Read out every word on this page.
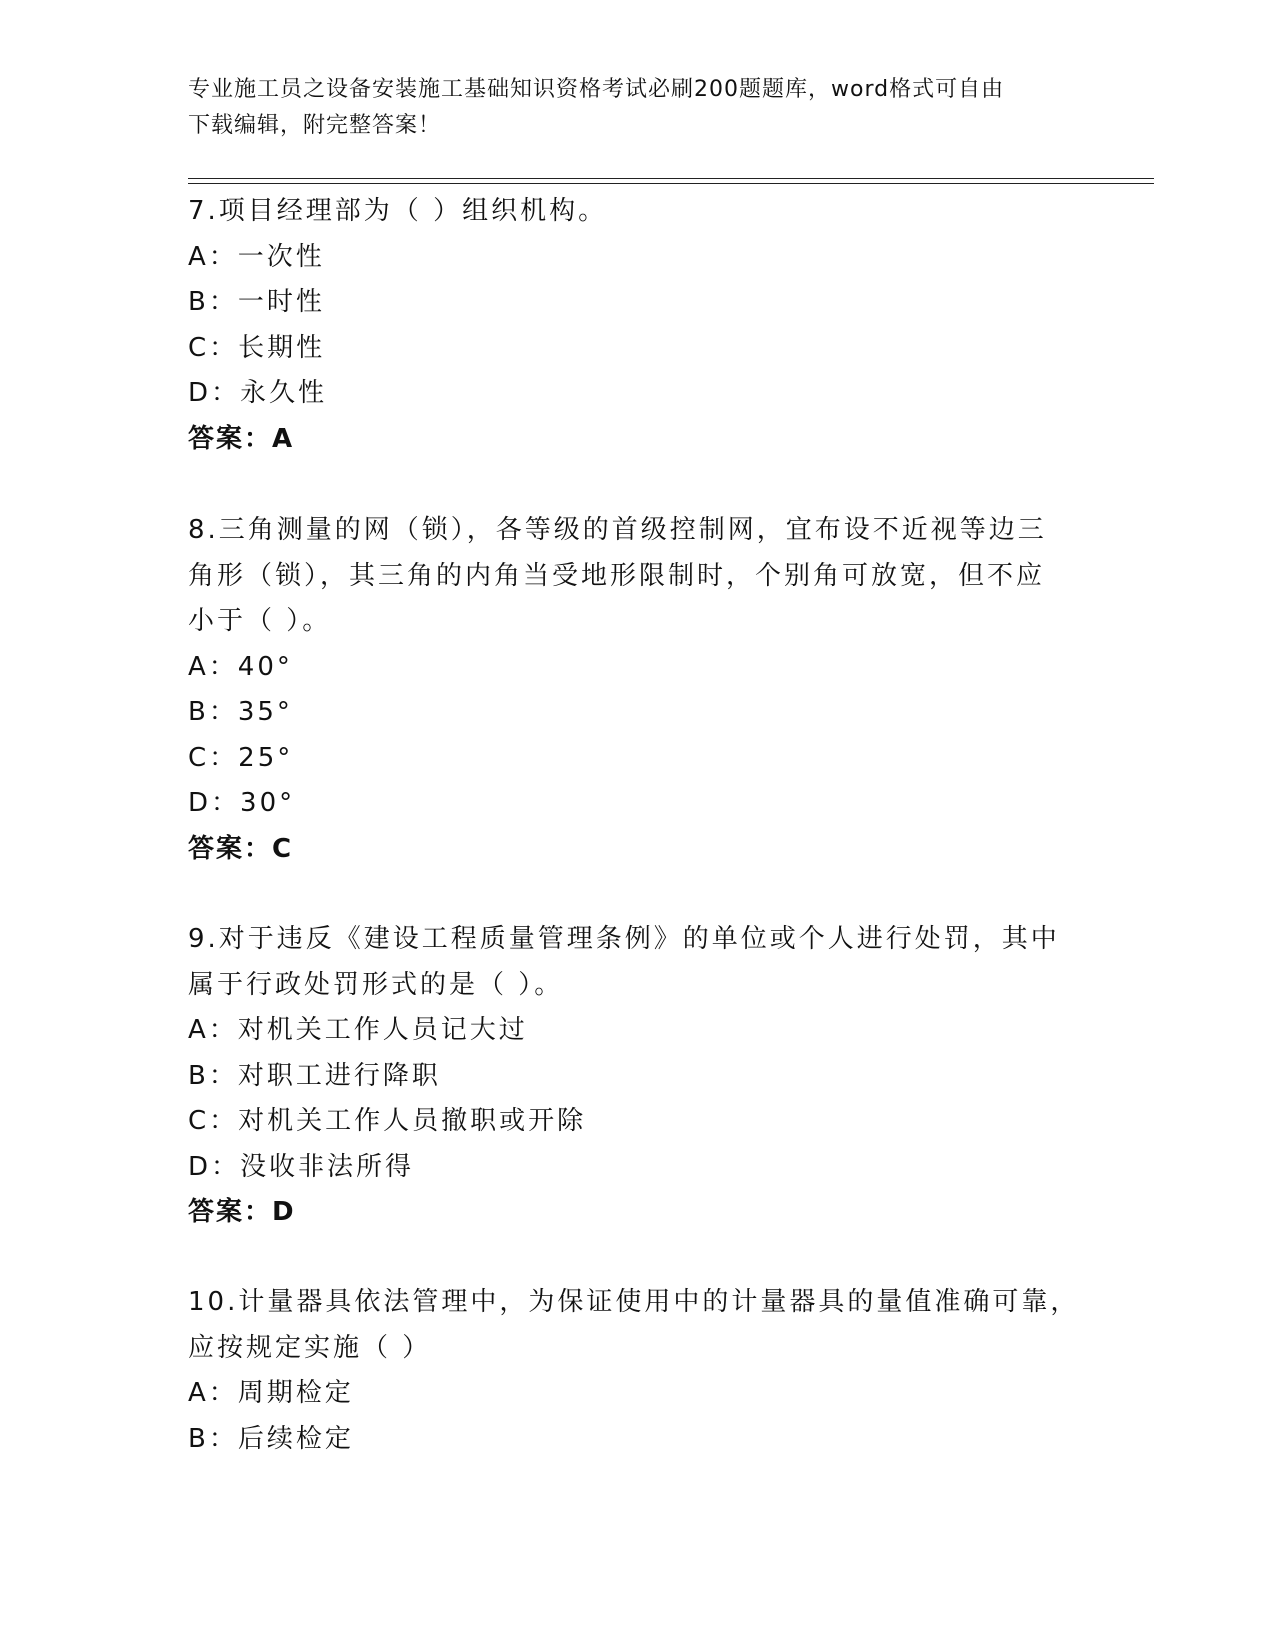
专业施工员之设备安装施工基础知识资格考试必刷200题题库，word格式可自由
下载编辑，附完整答案！
7.项目经理部为（ ）组织机构。
A：一次性
B：一时性
C：长期性
D：永久性
答案：A
8.三角测量的网（锁），各等级的首级控制网，宜布设不近视等边三
角形（锁），其三角的内角当受地形限制时，个别角可放宽，但不应
小于（ ）。
A：40°
B：35°
C：25°
D：30°
答案：C
9.对于违反《建设工程质量管理条例》的单位或个人进行处罚，其中
属于行政处罚形式的是（ ）。
A：对机关工作人员记大过
B：对职工进行降职
C：对机关工作人员撤职或开除
D：没收非法所得
答案：D
10.计量器具依法管理中，为保证使用中的计量器具的量值准确可靠，
应按规定实施（ ）
A：周期检定
B：后续检定
